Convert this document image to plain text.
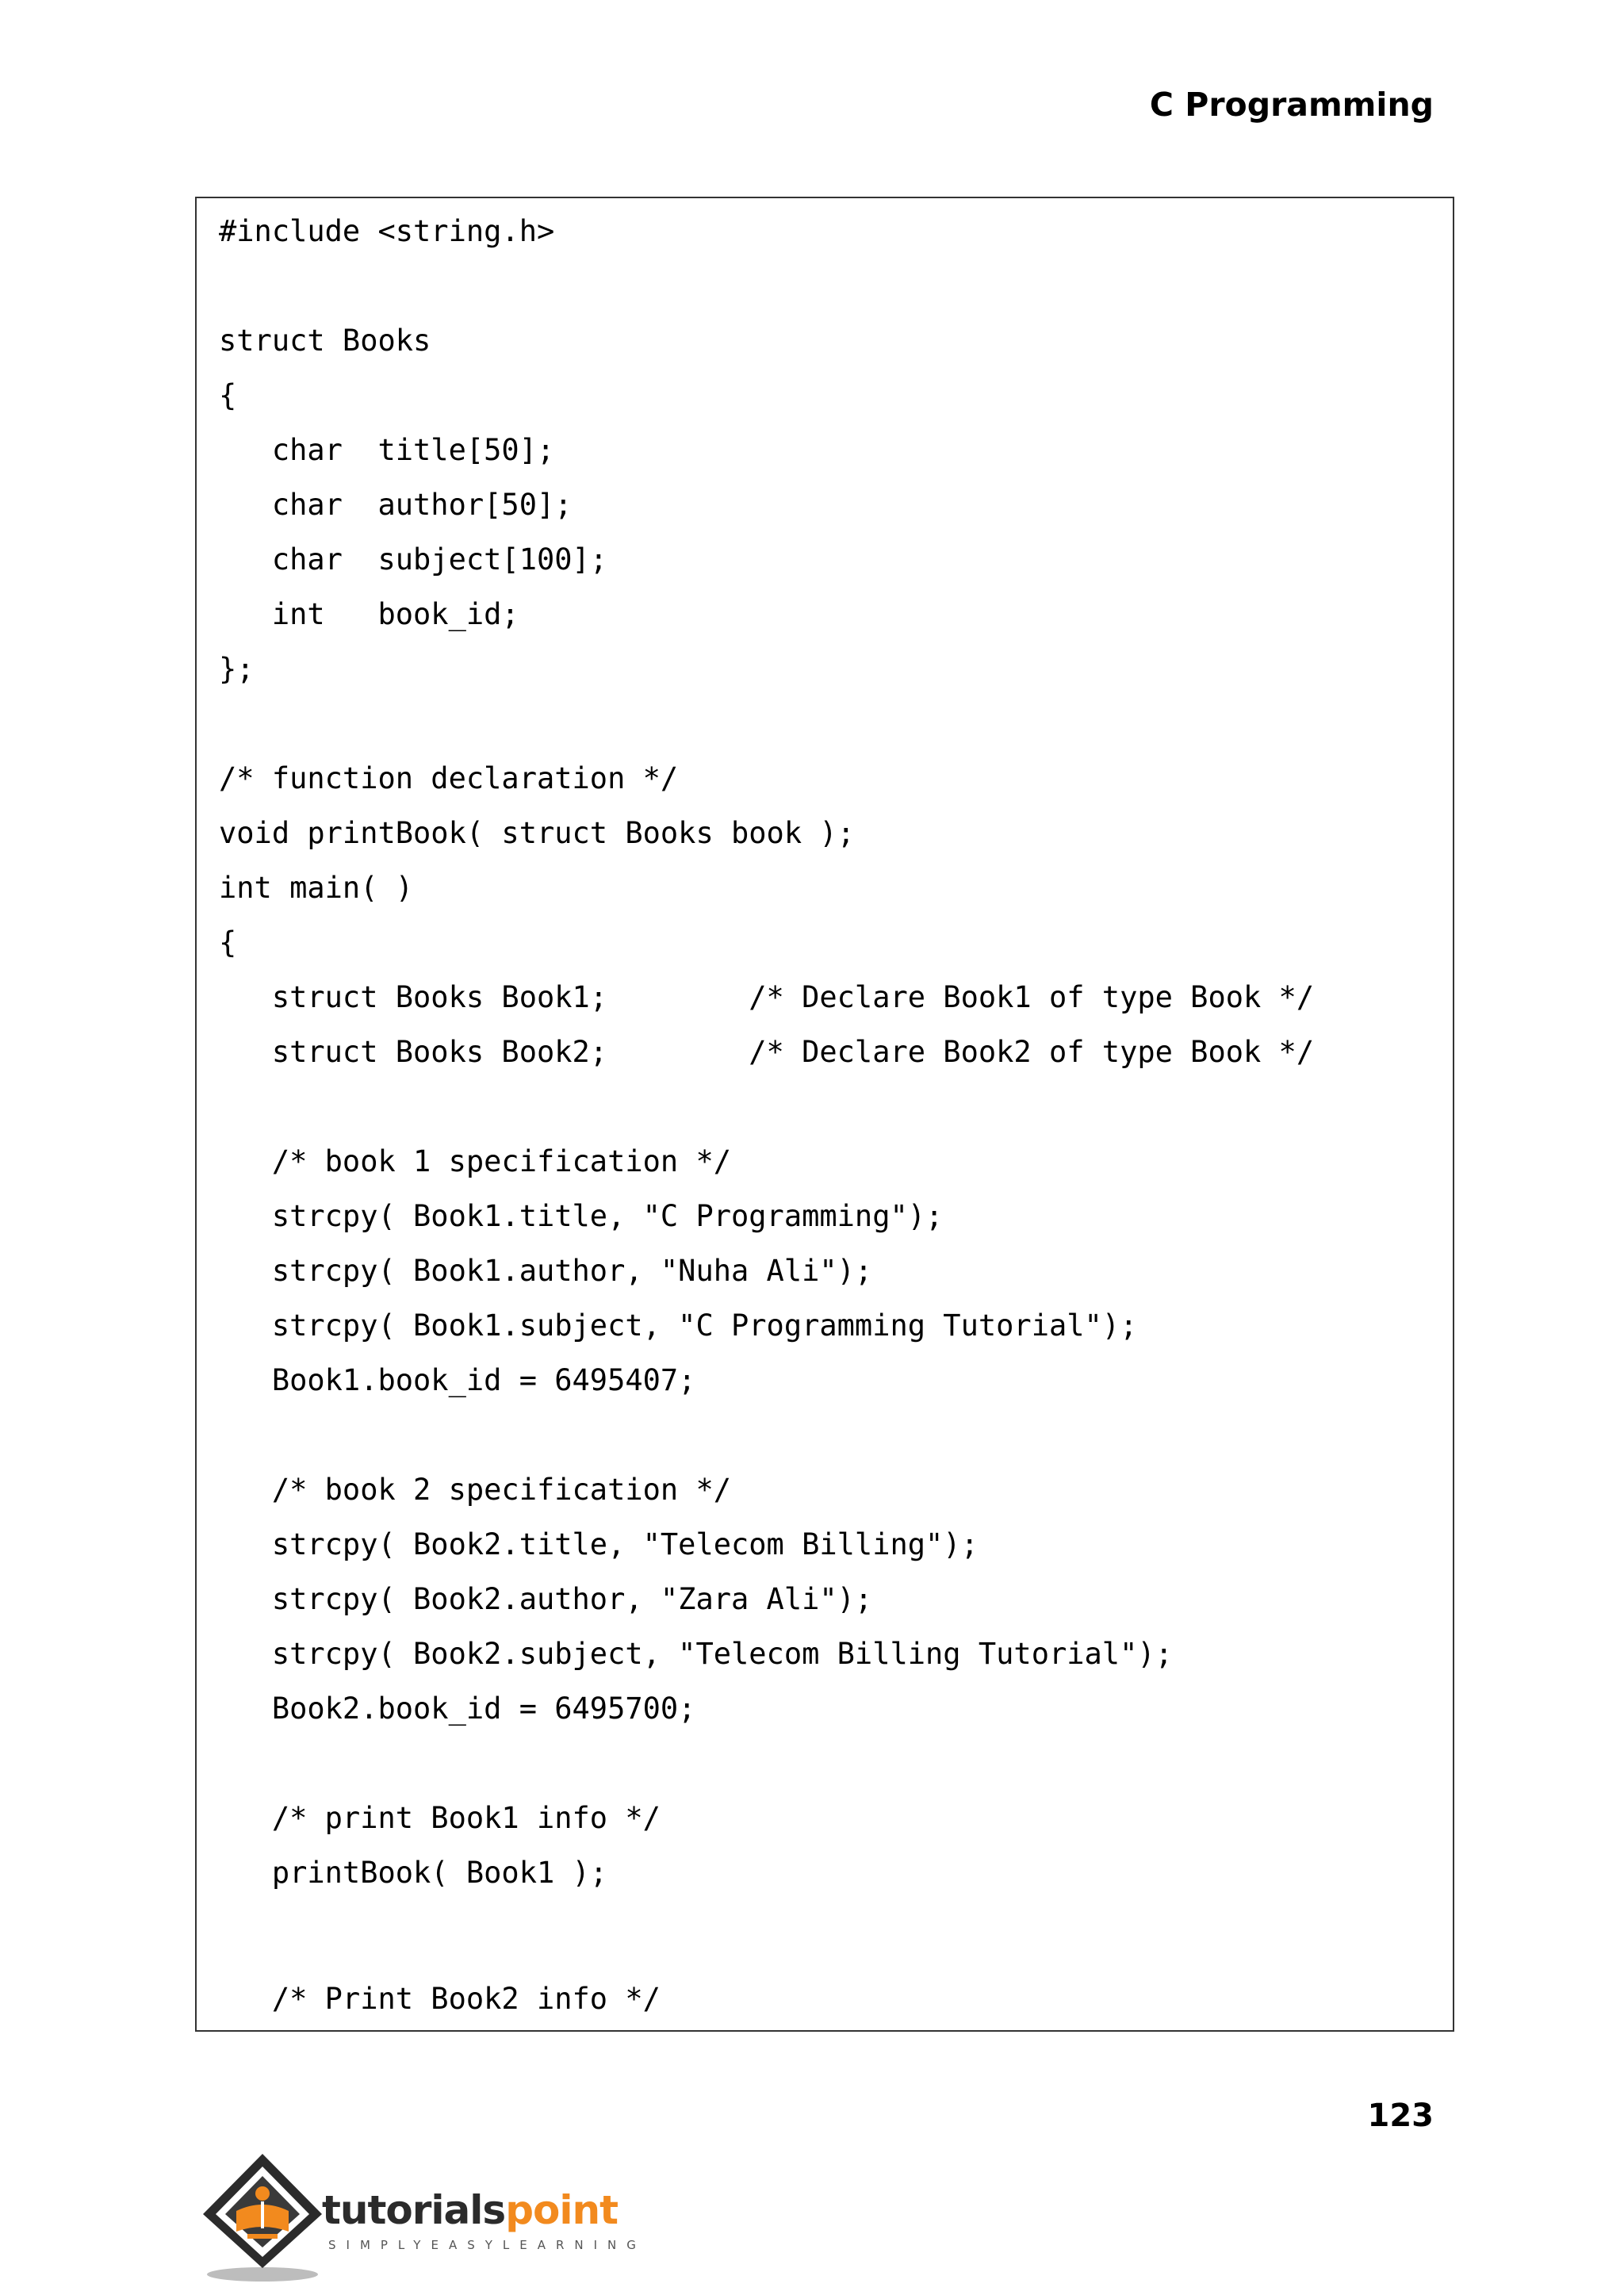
C Programming
#include <string.h>
struct Books
{
char  title[50];
char  author[50];
char  subject[100];
int   book_id;
};
/* function declaration */
void printBook( struct Books book );
int main( )
{
struct Books Book1;        /* Declare Book1 of type Book */
struct Books Book2;        /* Declare Book2 of type Book */
/* book 1 specification */
strcpy( Book1.title, "C Programming");
strcpy( Book1.author, "Nuha Ali");
strcpy( Book1.subject, "C Programming Tutorial");
Book1.book_id = 6495407;
/* book 2 specification */
strcpy( Book2.title, "Telecom Billing");
strcpy( Book2.author, "Zara Ali");
strcpy( Book2.subject, "Telecom Billing Tutorial");
Book2.book_id = 6495700;
/* print Book1 info */
printBook( Book1 );
/* Print Book2 info */
123
tutorialspoint
SIMPLYEASYLEARNING
